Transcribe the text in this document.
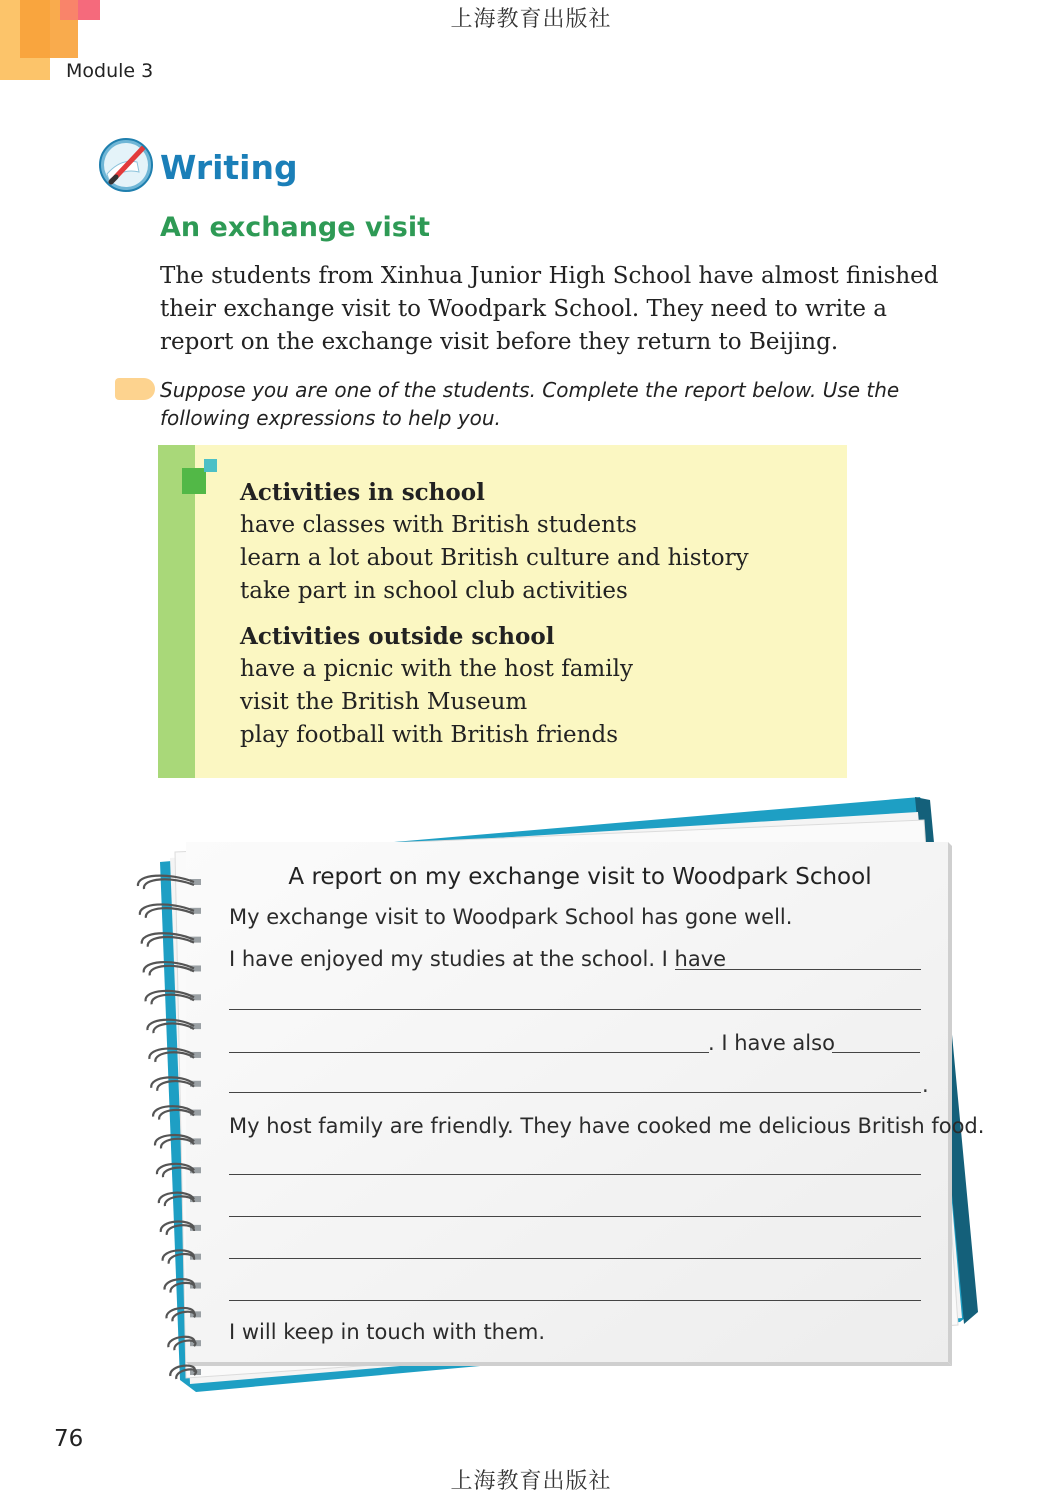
上海教育出版社
Module 3
Writing
An exchange visit

The students from Xinhua Junior High School have almost finished their exchange visit to Woodpark School. They need to write a report on the exchange visit before they return to Beijing.

Suppose you are one of the students. Complete the report below. Use the following expressions to help you.

Activities in school
have classes with British students
learn a lot about British culture and history
take part in school club activities
Activities outside school
have a picnic with the host family
visit the British Museum
play football with British friends
A report on my exchange visit to Woodpark School
My exchange visit to Woodpark School has gone well.
I have enjoyed my studies at the school. I have
. I have also
.
My host family are friendly. They have cooked me delicious British food.
I will keep in touch with them.
76
上海教育出版社
